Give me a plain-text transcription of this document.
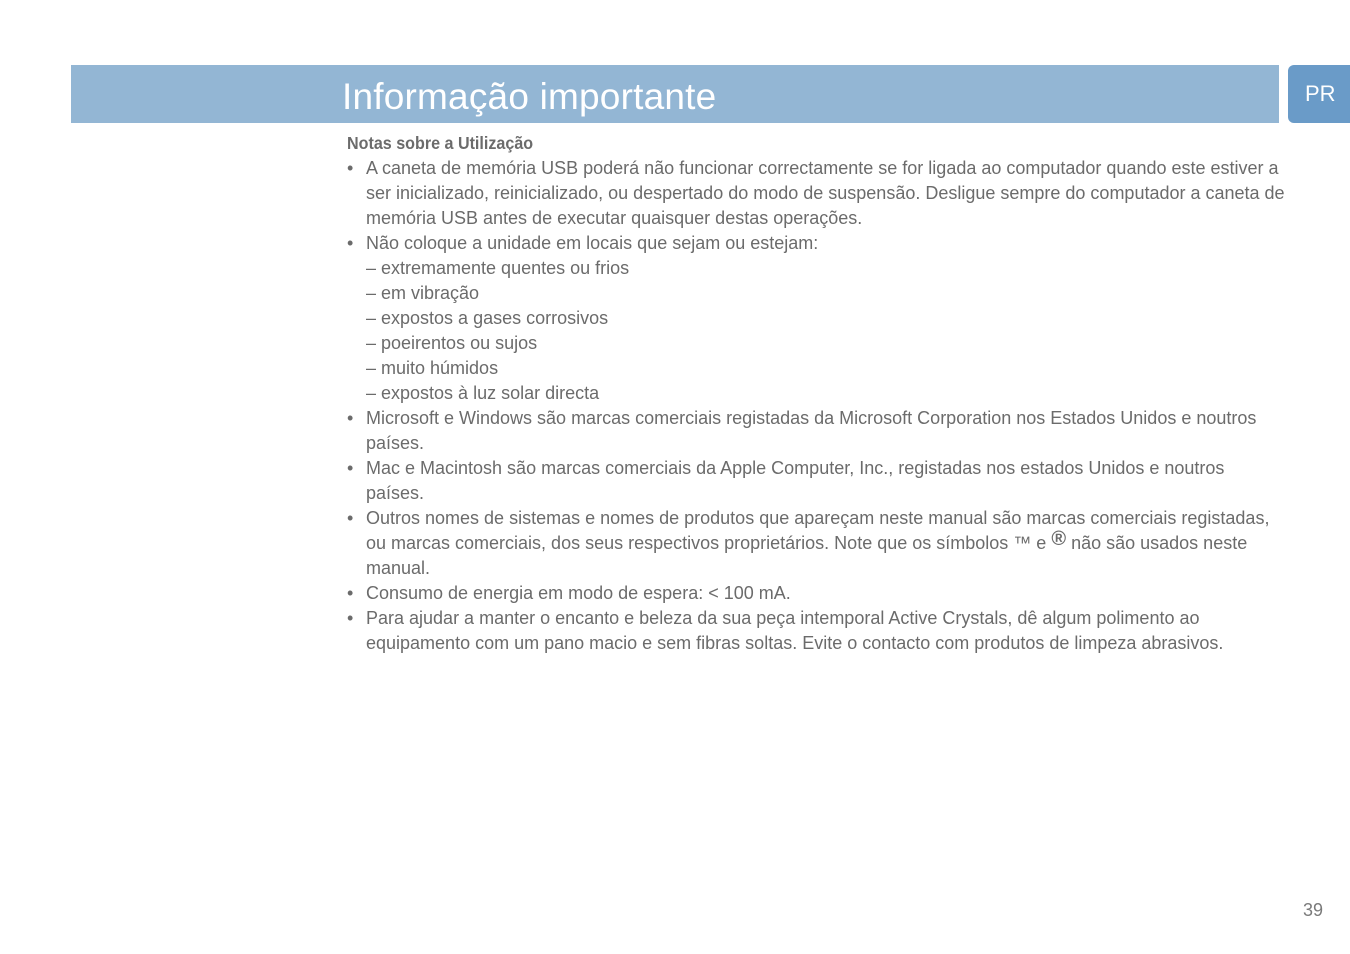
Informação importante	PR

Notas sobre a Utilização

• A caneta de memória USB poderá não funcionar correctamente se for ligada ao computador quando este estiver a ser inicializado, reinicializado, ou despertado do modo de suspensão. Desligue sempre do computador a caneta de memória USB antes de executar quaisquer destas operações.
• Não coloque a unidade em locais que sejam ou estejam:
– extremamente quentes ou frios
– em vibração
– expostos a gases corrosivos
– poeirentos ou sujos
– muito húmidos
– expostos à luz solar directa
• Microsoft e Windows são marcas comerciais registadas da Microsoft Corporation nos Estados Unidos e noutros países.
• Mac e Macintosh são marcas comerciais da Apple Computer, Inc., registadas nos estados Unidos e noutros países.
• Outros nomes de sistemas e nomes de produtos que apareçam neste manual são marcas comerciais registadas, ou marcas comerciais, dos seus respectivos proprietários. Note que os símbolos ™ e ® não são usados neste manual.
• Consumo de energia em modo de espera: < 100 mA.
• Para ajudar a manter o encanto e beleza da sua peça intemporal Active Crystals, dê algum polimento ao equipamento com um pano macio e sem fibras soltas. Evite o contacto com produtos de limpeza abrasivos.
39
